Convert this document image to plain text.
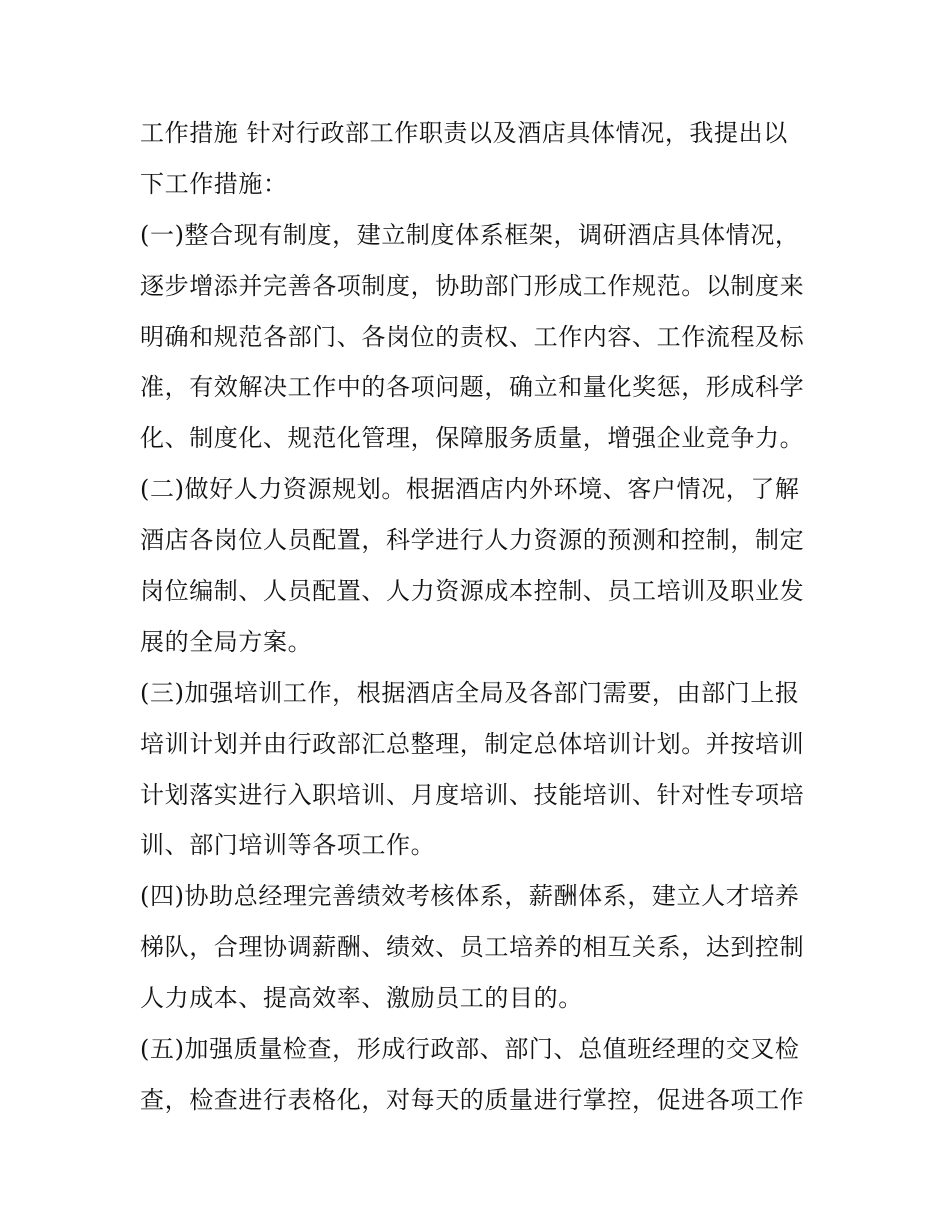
工作措施 针对行政部工作职责以及酒店具体情况，我提出以
下工作措施：
(一)整合现有制度，建立制度体系框架，调研酒店具体情况，
逐步增添并完善各项制度，协助部门形成工作规范。以制度来
明确和规范各部门、各岗位的责权、工作内容、工作流程及标
准，有效解决工作中的各项问题，确立和量化奖惩，形成科学
化、制度化、规范化管理，保障服务质量，增强企业竞争力。
(二)做好人力资源规划。根据酒店内外环境、客户情况，了解
酒店各岗位人员配置，科学进行人力资源的预测和控制，制定
岗位编制、人员配置、人力资源成本控制、员工培训及职业发
展的全局方案。
(三)加强培训工作，根据酒店全局及各部门需要，由部门上报
培训计划并由行政部汇总整理，制定总体培训计划。并按培训
计划落实进行入职培训、月度培训、技能培训、针对性专项培
训、部门培训等各项工作。
(四)协助总经理完善绩效考核体系，薪酬体系，建立人才培养
梯队，合理协调薪酬、绩效、员工培养的相互关系，达到控制
人力成本、提高效率、激励员工的目的。
(五)加强质量检查，形成行政部、部门、总值班经理的交叉检
查，检查进行表格化，对每天的质量进行掌控，促进各项工作
